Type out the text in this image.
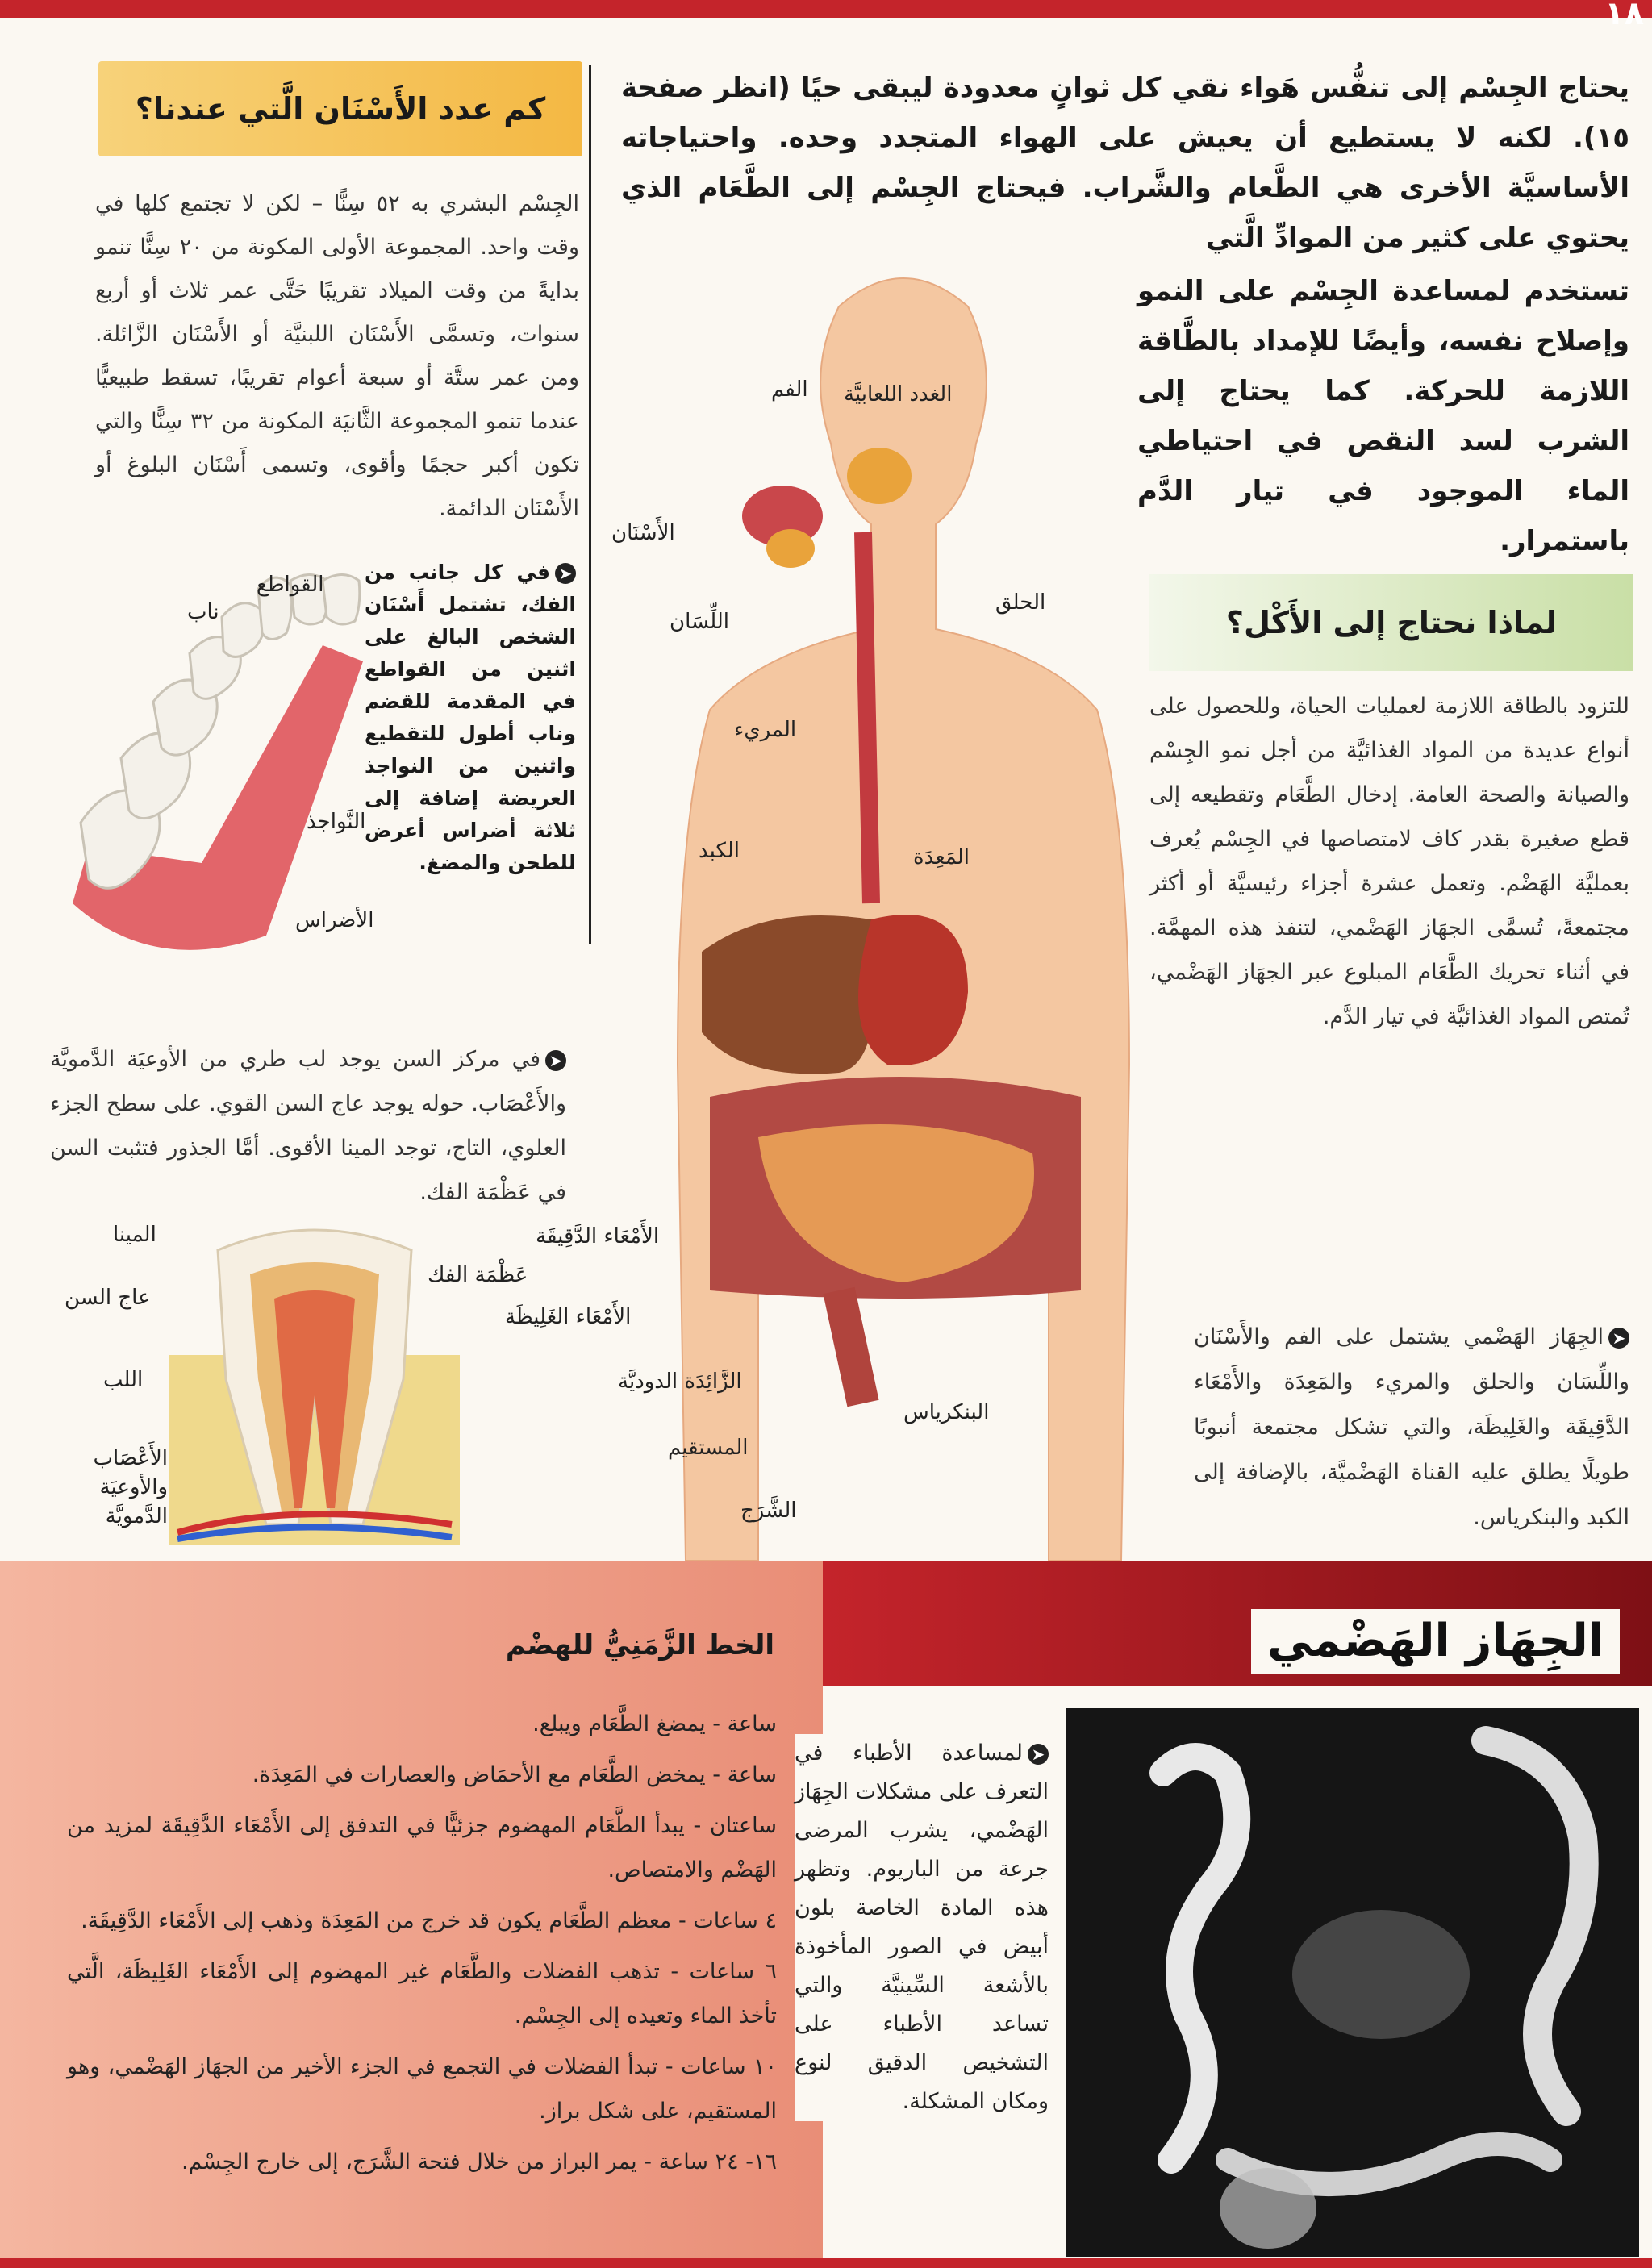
١٨
يحتاج الجِسْم إلى تنفُّس هَواء نقي كل ثوانٍ معدودة ليبقى حيًا (انظر صفحة ١٥). لكنه لا يستطيع أن يعيش على الهواء المتجدد وحده. واحتياجاته الأساسيَّة الأخرى هي الطَّعام والشَّراب. فيحتاج الجِسْم إلى الطَّعَام الذي يحتوي على كثير من الموادِّ الَّتي
تستخدم لمساعدة الجِسْم على النمو وإصلاح نفسه، وأيضًا للإمداد بالطَّاقة اللازمة للحركة. كما يحتاج إلى الشرب لسد النقص في احتياطي الماء الموجود في تيار الدَّم باستمرار.
كم عدد الأَسْنَان الَّتي عندنا؟
الجِسْم البشري به ٥٢ سِنًّا – لكن لا تجتمع كلها في وقت واحد. المجموعة الأولى المكونة من ٢٠ سِنًّا تنمو بدايةً من وقت الميلاد تقريبًا حَتَّى عمر ثلاث أو أربع سنوات، وتسمَّى الأَسْنَان اللبنيَّة أو الأَسْنَان الزَّائلة. ومن عمر ستَّة أو سبعة أعوام تقريبًا، تسقط طبيعيًّا عندما تنمو المجموعة الثَّانيَة المكونة من ٣٢ سِنًّا والتي تكون أكبر حجمًا وأقوى، وتسمى أَسْنَان البلوغ أو الأَسْنَان الدائمة.
ناب
القواطع
النَّواجذ
الأضراس
➤في كل جانب من الفك، تشتمل أَسْنَان الشخص البالغ على اثنين من القواطع في المقدمة للقضم وناب أطول للتقطيع واثنين من النواجذ العريضة إضافة إلى ثلاثة أضراس أعرض للطحن والمضغ.
الفم الغدد اللعابيَّة
الأَسْنَان
اللِّسَان
الحلق
المريء
الكبد	المَعِدَة
الأَمْعَاء الدَّقِيقَة
الأَمْعَاء الغَلِيظَة
الزَّائِدَة الدوديَّة
المستقيم
الشَّرَج
البنكرياس
لماذا نحتاج إلى الأَكْل؟
للتزود بالطاقة اللازمة لعمليات الحياة، وللحصول على أنواع عديدة من المواد الغذائيَّة من أجل نمو الجِسْم والصيانة والصحة العامة. إدخال الطَّعَام وتقطيعه إلى قطع صغيرة بقدر كاف لامتصاصها في الجِسْم يُعرف بعمليَّة الهَضْم. وتعمل عشرة أجزاء رئيسيَّة أو أكثر مجتمعةً، تُسمَّى الجهَاز الهَضْمي، لتنفذ هذه المهمَّة. في أثناء تحريك الطَّعَام المبلوع عبر الجهَاز الهَضْمي، تُمتص المواد الغذائيَّة في تيار الدَّم.
➤الجِهَاز الهَضْمي يشتمل على الفم والأَسْنَان واللِّسَان والحلق والمريء والمَعِدَة والأَمْعَاء الدَّقِيقَة والغَلِيظَة، والتي تشكل مجتمعة أنبوبًا طويلًا يطلق عليه القناة الهَضْميَّة، بالإضافة إلى الكبد والبنكرياس.
➤في مركز السن يوجد لب طري من الأوعيَة الدَّمويَّة والأَعْصَاب. حوله يوجد عاج السن القوي. على سطح الجزء العلوي، التاج، توجد المينا الأقوى. أمَّا الجذور فتثبت السن في عَظْمَة الفك.
المينا
عاج السن
اللب
عَظْمَة الفك
الأَعْصَاب والأوعيَة الدَّمويَّة
الجِهَاز الهَضْمي
الخط الزَّمَنِيُّ للهضْم
ساعة - يمضغ الطَّعَام ويبلع.
ساعة - يمخض الطَّعَام مع الأحمَاض والعصارات في المَعِدَة.
ساعتان - يبدأ الطَّعَام المهضوم جزئيًّا في التدفق إلى الأَمْعَاء الدَّقِيقَة لمزيد من الهَضْم والامتصاص.
٤ ساعات - معظم الطَّعَام يكون قد خرج من المَعِدَة وذهب إلى الأَمْعَاء الدَّقِيقَة.
٦ ساعات - تذهب الفضلات والطَّعَام غير المهضوم إلى الأَمْعَاء الغَلِيظَة، الَّتي تأخذ الماء وتعيده إلى الجِسْم.
١٠ ساعات - تبدأ الفضلات في التجمع في الجزء الأخير من الجهَاز الهَضْمي، وهو المستقيم، على شكل براز.
١٦- ٢٤ ساعة - يمر البراز من خلال فتحة الشَّرَج، إلى خارج الجِسْم.
➤لمساعدة الأطباء في التعرف على مشكلات الجِهَاز الهَضْمي، يشرب المرضى جرعة من الباريوم. وتظهر هذه المادة الخاصة بلون أبيض في الصور المأخوذة بالأشعة السِّينيَّة والتي تساعد الأطباء على التشخيص الدقيق لنوع ومكان المشكلة.
